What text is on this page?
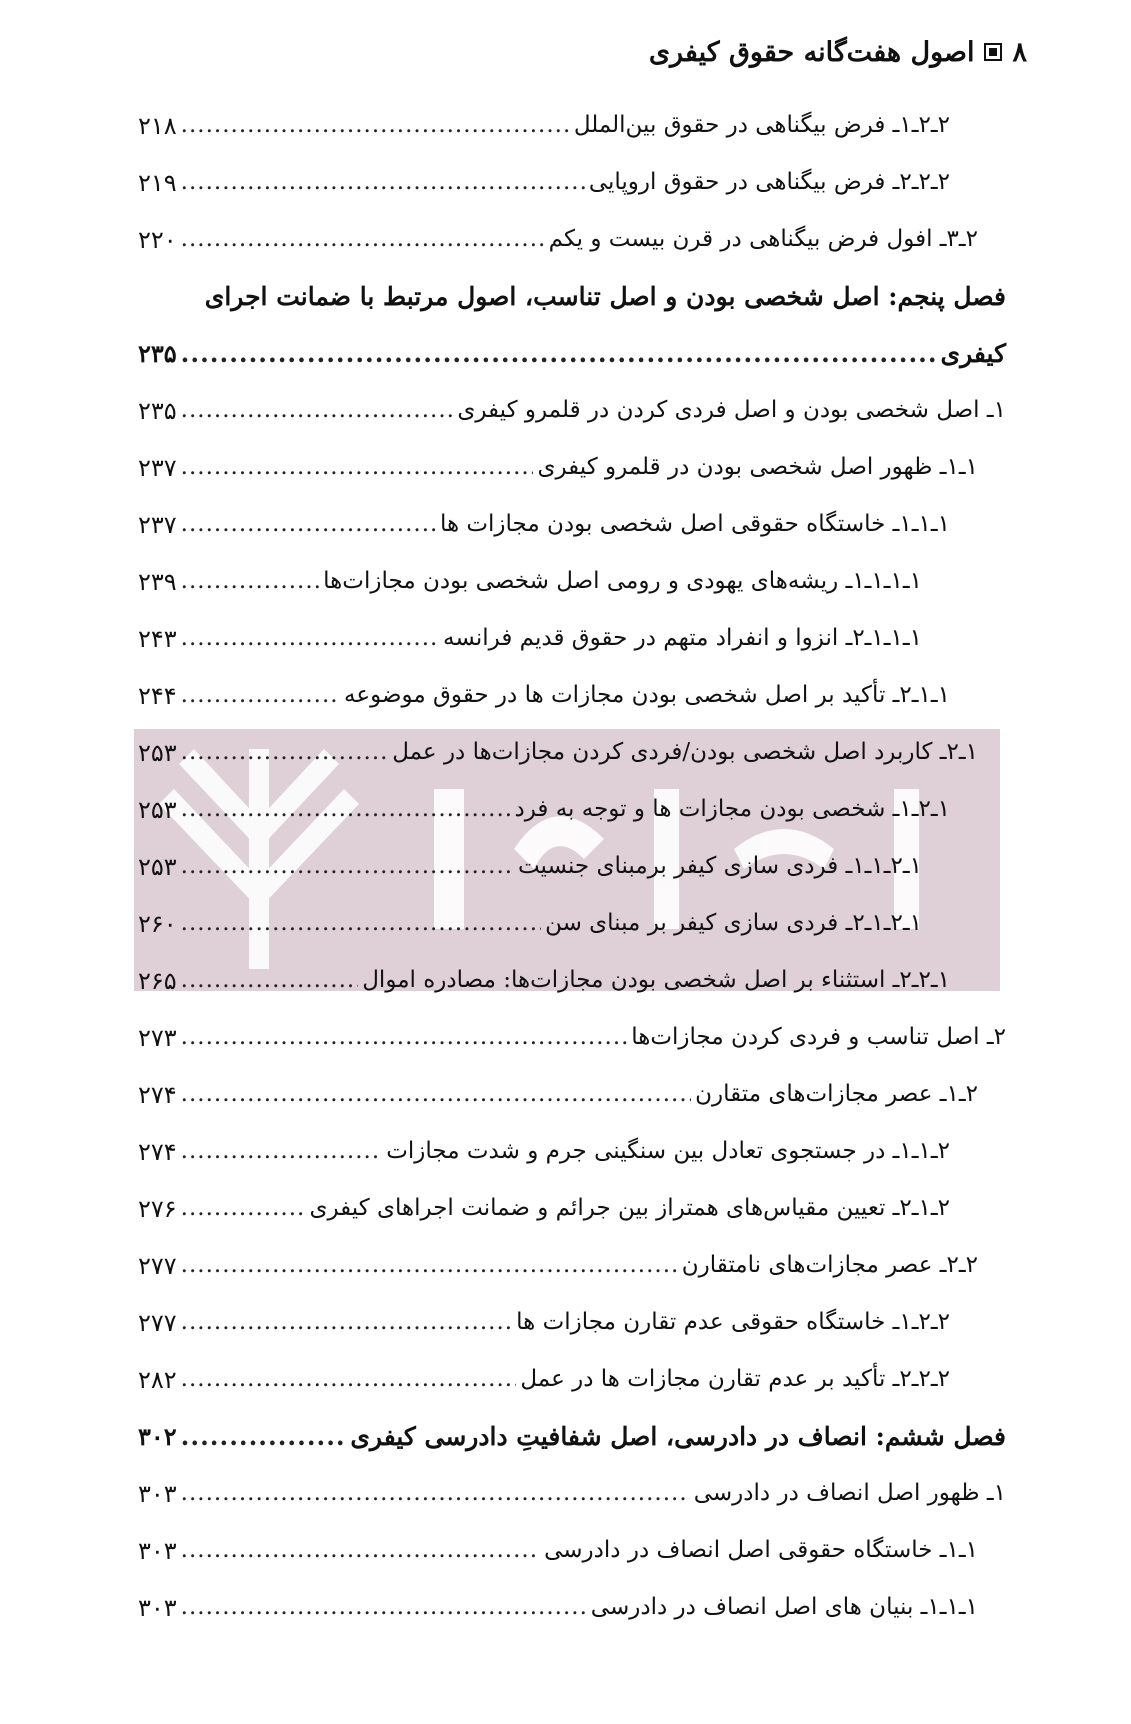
۸
اصول هفت‌گانه حقوق کیفری
۲ـ۲ـ۱ـ فرض بیگناهی در حقوق بین‌الملل
.....
۲۱۸
۲ـ۲ـ۲ـ فرض بیگناهی در حقوق اروپایی
.....
۲۱۹
۲ـ۳ـ افول فرض بیگناهی در قرن بیست و یکم
.....
۲۲۰
فصل پنجم: اصل شخصی بودن و اصل تناسب، اصول مرتبط با ضمانت اجرای
کیفری
.....
۲۳۵
۱ـ اصل شخصی بودن و اصل فردی کردن در قلمرو کیفری
.....
۲۳۵
۱ـ۱ـ ظهور اصل شخصی بودن در قلمرو کیفری
.....
۲۳۷
۱ـ۱ـ۱ـ خاستگاه حقوقی اصل شخصی بودن مجازات ها
.....
۲۳۷
۱ـ۱ـ۱ـ۱ـ ریشه‌های یهودی و رومی اصل شخصی بودن مجازات‌ها
.....
۲۳۹
۱ـ۱ـ۱ـ۲ـ انزوا و انفراد متهم در حقوق قدیم فرانسه
.....
۲۴۳
۱ـ۱ـ۲ـ تأکید بر اصل شخصی بودن مجازات ها در حقوق موضوعه
.....
۲۴۴
۱ـ۲ـ کاربرد اصل شخصی بودن/فردی کردن مجازات‌ها در عمل
.....
۲۵۳
۱ـ۲ـ۱ـ شخصی بودن مجازات ها و توجه به فرد
.....
۲۵۳
۱ـ۲ـ۱ـ۱ـ فردی سازی کیفر برمبنای جنسیت
.....
۲۵۳
۱ـ۲ـ۱ـ۲ـ فردی سازی کیفر بر مبنای سن
.....
۲۶۰
۱ـ۲ـ۲ـ استثناء بر اصل شخصی بودن مجازات‌ها: مصادره اموال
.....
۲۶۵
۲ـ اصل تناسب و فردی کردن مجازات‌ها
.....
۲۷۳
۲ـ۱ـ عصر مجازات‌های متقارن
.....
۲۷۴
۲ـ۱ـ۱ـ در جستجوی تعادل بین سنگینی جرم و شدت مجازات
.....
۲۷۴
۲ـ۱ـ۲ـ تعیین مقیاس‌های همتراز بین جرائم و ضمانت اجراهای کیفری
.....
۲۷۶
۲ـ۲ـ عصر مجازات‌های نامتقارن
.....
۲۷۷
۲ـ۲ـ۱ـ خاستگاه حقوقی عدم تقارن مجازات ها
.....
۲۷۷
۲ـ۲ـ۲ـ تأکید بر عدم تقارن مجازات ها در عمل
.....
۲۸۲
فصل ششم: انصاف در دادرسی، اصل شفافیتِ دادرسی کیفری
.....
۳۰۲
۱ـ ظهور اصل انصاف در دادرسی
.....
۳۰۳
۱ـ۱ـ خاستگاه حقوقی اصل انصاف در دادرسی
.....
۳۰۳
۱ـ۱ـ۱ـ بنیان های اصل انصاف در دادرسی
.....
۳۰۳
